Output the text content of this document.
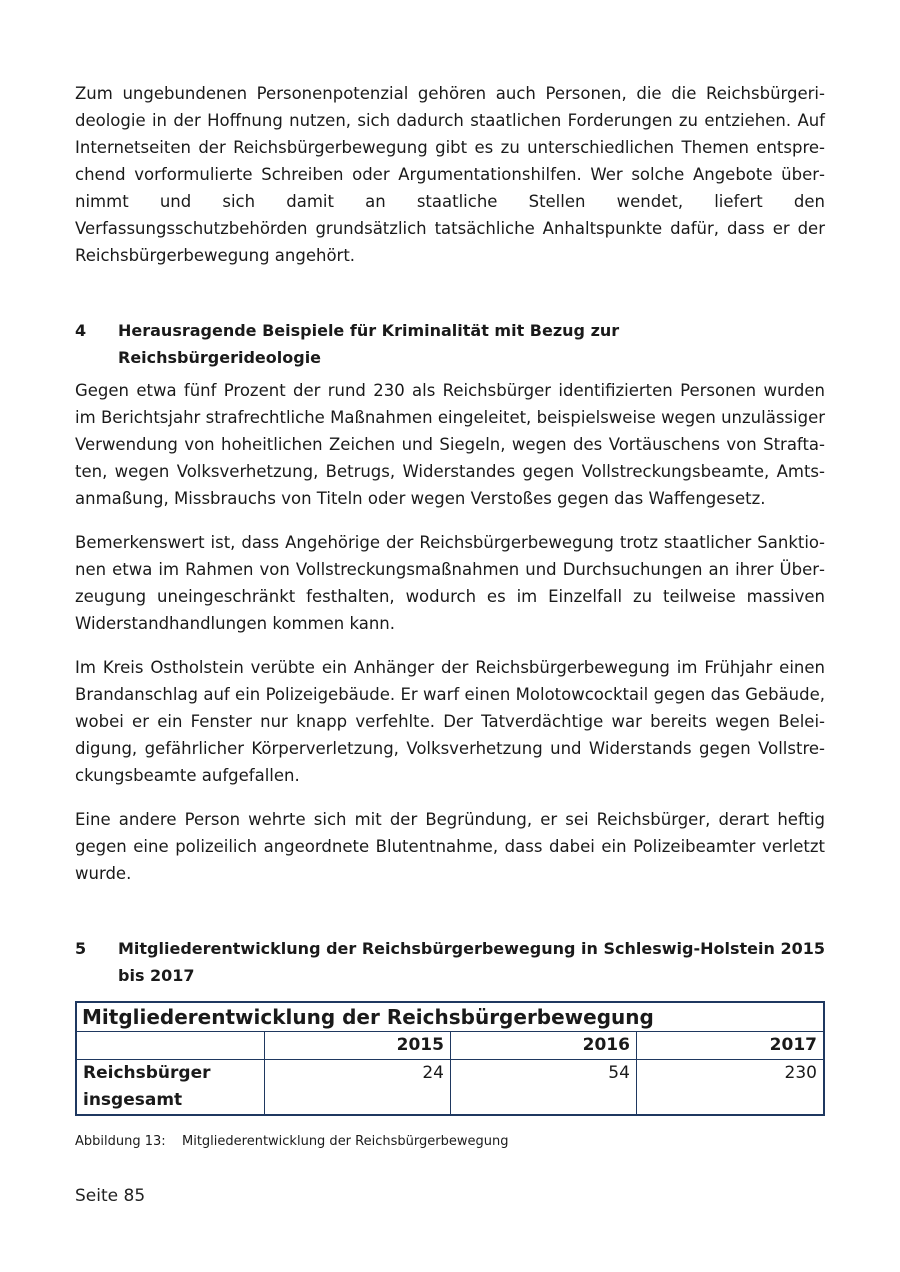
Zum ungebundenen Personenpotenzial gehören auch Personen, die die Reichsbürgerideologie in der Hoffnung nutzen, sich dadurch staatlichen Forderungen zu entziehen. Auf Internetseiten der Reichsbürgerbewegung gibt es zu unterschiedlichen Themen entsprechend vorformulierte Schreiben oder Argumentationshilfen. Wer solche Angebote übernimmt und sich damit an staatliche Stellen wendet, liefert den Verfassungsschutzbehörden grundsätzlich tatsächliche Anhaltspunkte dafür, dass er der Reichsbürgerbewegung angehört.

4	Herausragende Beispiele für Kriminalität mit Bezug zur Reichsbürgerideologie

Gegen etwa fünf Prozent der rund 230 als Reichsbürger identifizierten Personen wurden im Berichtsjahr strafrechtliche Maßnahmen eingeleitet, beispielsweise wegen unzulässiger Verwendung von hoheitlichen Zeichen und Siegeln, wegen des Vortäuschens von Straftaten, wegen Volksverhetzung, Betrugs, Widerstandes gegen Vollstreckungsbeamte, Amtsanmaßung, Missbrauchs von Titeln oder wegen Verstoßes gegen das Waffengesetz.

Bemerkenswert ist, dass Angehörige der Reichsbürgerbewegung trotz staatlicher Sanktionen etwa im Rahmen von Vollstreckungsmaßnahmen und Durchsuchungen an ihrer Überzeugung uneingeschränkt festhalten, wodurch es im Einzelfall zu teilweise massiven Widerstandhandlungen kommen kann.

Im Kreis Ostholstein verübte ein Anhänger der Reichsbürgerbewegung im Frühjahr einen Brandanschlag auf ein Polizeigebäude. Er warf einen Molotowcocktail gegen das Gebäude, wobei er ein Fenster nur knapp verfehlte. Der Tatverdächtige war bereits wegen Beleidigung, gefährlicher Körperverletzung, Volksverhetzung und Widerstands gegen Vollstreckungsbeamte aufgefallen.

Eine andere Person wehrte sich mit der Begründung, er sei Reichsbürger, derart heftig gegen eine polizeilich angeordnete Blutentnahme, dass dabei ein Polizeibeamter verletzt wurde.

5	Mitgliederentwicklung der Reichsbürgerbewegung in Schleswig-Holstein 2015 bis 2017
Mitgliederentwicklung der Reichsbürgerbewegung			
	2015	2016	2017
Reichsbürger insgesamt	24	54	230
Abbildung 13:	Mitgliederentwicklung der Reichsbürgerbewegung
Seite 85
